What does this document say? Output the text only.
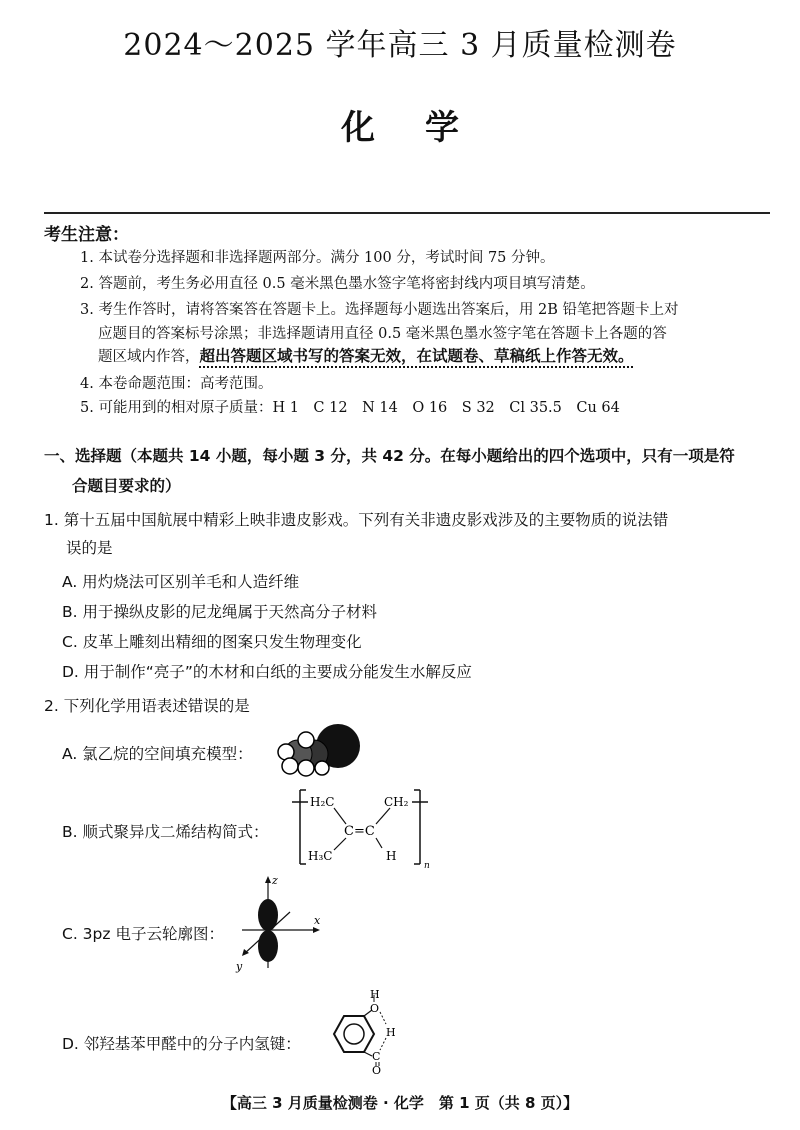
2024～2025 学年高三 3 月质量检测卷
化学
考生注意：
1. 本试卷分选择题和非选择题两部分。满分 100 分，考试时间 75 分钟。
2. 答题前，考生务必用直径 0.5 毫米黑色墨水签字笔将密封线内项目填写清楚。
3. 考生作答时，请将答案答在答题卡上。选择题每小题选出答案后，用 2B 铅笔把答题卡上对
应题目的答案标号涂黑；非选择题请用直径 0.5 毫米黑色墨水签字笔在答题卡上各题的答
题区域内作答，超出答题区域书写的答案无效，在试题卷、草稿纸上作答无效。
4. 本卷命题范围：高考范围。
5. 可能用到的相对原子质量：H 1　C 12　N 14　O 16　S 32　Cl 35.5　Cu 64
一、选择题（本题共 14 小题，每小题 3 分，共 42 分。在每小题给出的四个选项中，只有一项是符
合题目要求的）
1. 第十五届中国航展中精彩上映非遗皮影戏。下列有关非遗皮影戏涉及的主要物质的说法错
误的是
A. 用灼烧法可区别羊毛和人造纤维
B. 用于操纵皮影的尼龙绳属于天然高分子材料
C. 皮革上雕刻出精细的图案只发生物理变化
D. 用于制作“亮子”的木材和白纸的主要成分能发生水解反应
2. 下列化学用语表述错误的是
A. 氯乙烷的空间填充模型：
B. 顺式聚异戊二烯结构简式：
H₂C	CH₂
C=C
H₃C	H
n
C. 3pz 电子云轮廓图：
z
x
y
D. 邻羟基苯甲醛中的分子内氢键：
H
O
H
C
O
【高三 3 月质量检测卷 · 化学　第 1 页（共 8 页）】
